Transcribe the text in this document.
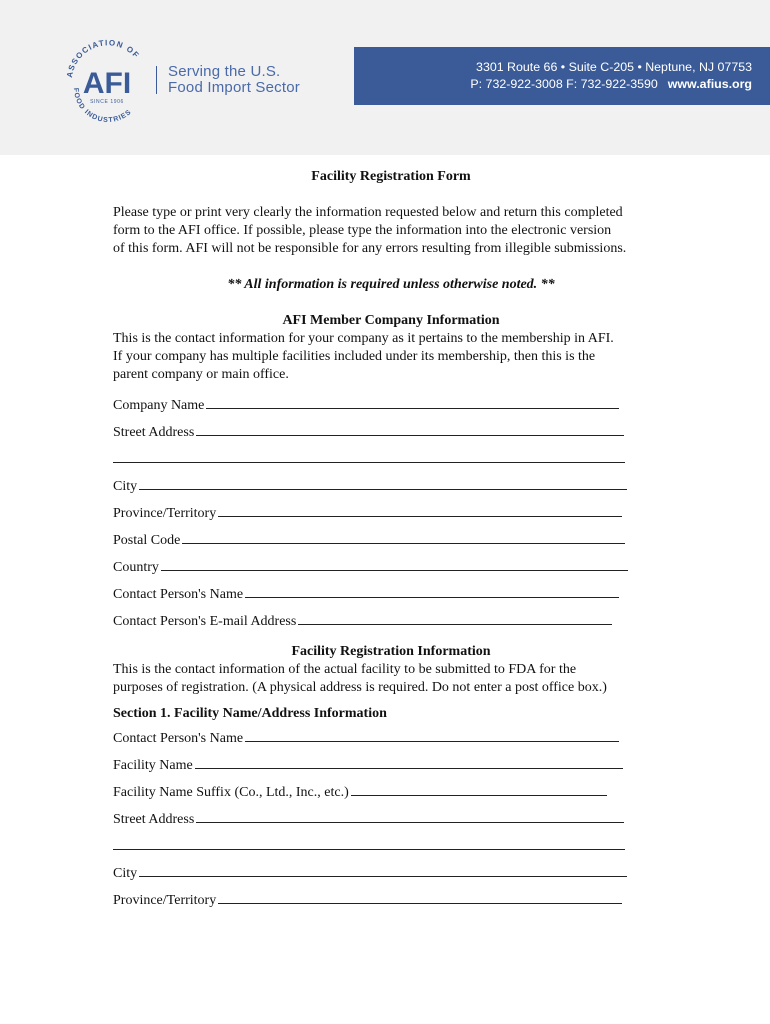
ASSOCIATION OF
AFI
SINCE 1906
FOOD INDUSTRIES
Serving the U.S.
Food Import Sector
3301 Route 66 • Suite C-205 • Neptune, NJ 07753
P: 732-922-3008 F: 732-922-3590 www.afius.org
Facility Registration Form
Please type or print very clearly the information requested below and return this completed
form to the AFI office. If possible, please type the information into the electronic version
of this form. AFI will not be responsible for any errors resulting from illegible submissions.
** All information is required unless otherwise noted. **
AFI Member Company Information
This is the contact information for your company as it pertains to the membership in AFI.
If your company has multiple facilities included under its membership, then this is the
parent company or main office.
Company Name
Street Address
City
Province/Territory
Postal Code
Country
Contact Person's Name
Contact Person's E-mail Address
Facility Registration Information
This is the contact information of the actual facility to be submitted to FDA for the
purposes of registration. (A physical address is required. Do not enter a post office box.)
Section 1. Facility Name/Address Information
Contact Person's Name
Facility Name
Facility Name Suffix (Co., Ltd., Inc., etc.)
Street Address
City
Province/Territory
